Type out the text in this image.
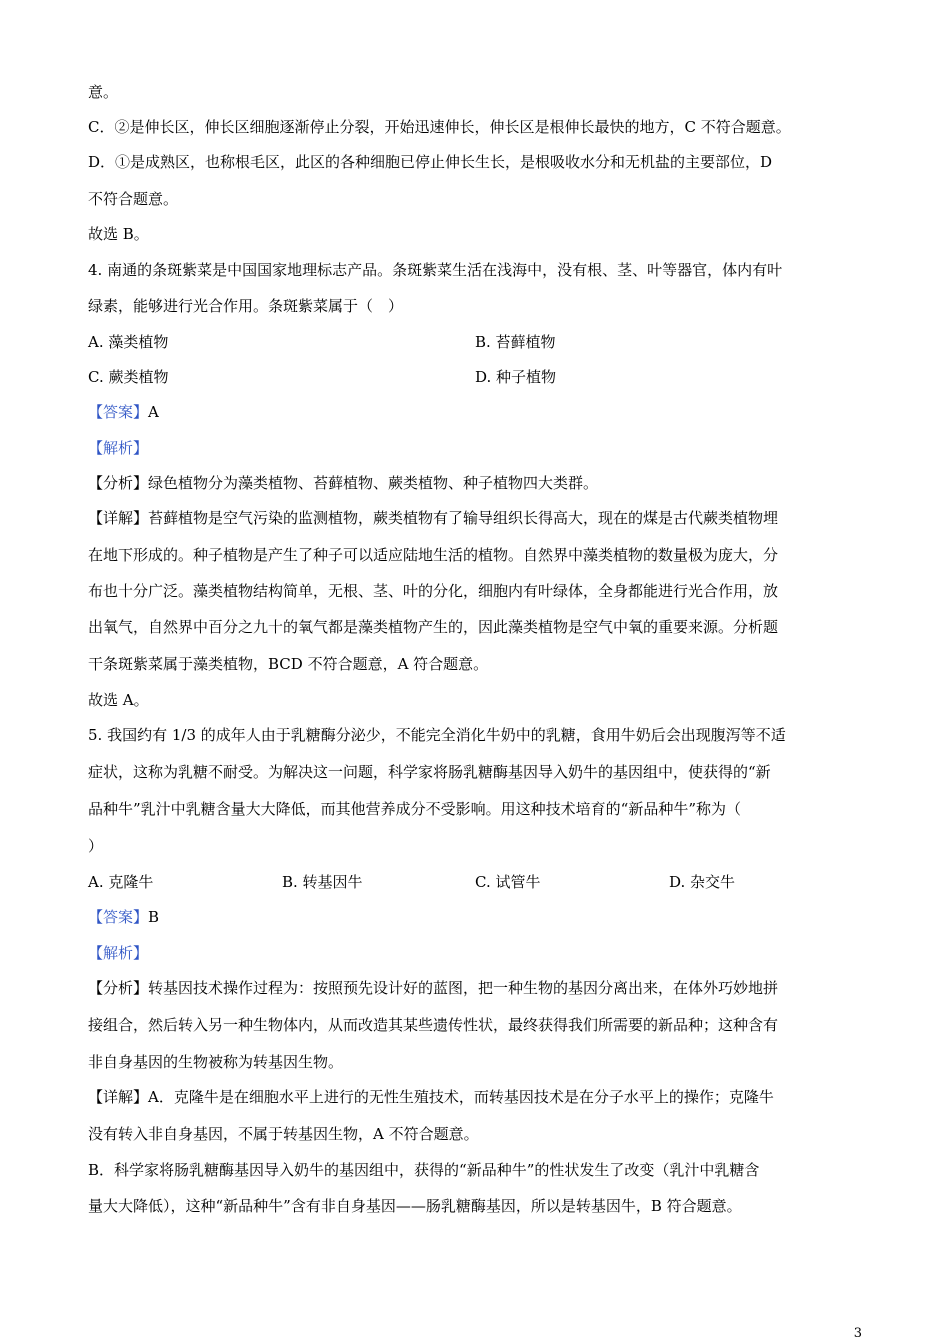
意。
C．②是伸长区，伸长区细胞逐渐停止分裂，开始迅速伸长，伸长区是根伸长最快的地方，C 不符合题意。
D．①是成熟区，也称根毛区，此区的各种细胞已停止伸长生长，是根吸收水分和无机盐的主要部位，D
不符合题意。
故选 B。
4. 南通的条斑紫菜是中国国家地理标志产品。条斑紫菜生活在浅海中，没有根、茎、叶等器官，体内有叶
绿素，能够进行光合作用。条斑紫菜属于（　）
A. 藻类植物	B. 苔藓植物
C. 蕨类植物	D. 种子植物
【答案】A
【解析】
【分析】绿色植物分为藻类植物、苔藓植物、蕨类植物、种子植物四大类群。
【详解】苔藓植物是空气污染的监测植物，蕨类植物有了输导组织长得高大，现在的煤是古代蕨类植物埋
在地下形成的。种子植物是产生了种子可以适应陆地生活的植物。自然界中藻类植物的数量极为庞大，分
布也十分广泛。藻类植物结构简单，无根、茎、叶的分化，细胞内有叶绿体，全身都能进行光合作用，放
出氧气，自然界中百分之九十的氧气都是藻类植物产生的，因此藻类植物是空气中氧的重要来源。分析题
干条斑紫菜属于藻类植物，BCD 不符合题意，A 符合题意。
故选 A。
5. 我国约有 1/3 的成年人由于乳糖酶分泌少，不能完全消化牛奶中的乳糖，食用牛奶后会出现腹泻等不适
症状，这称为乳糖不耐受。为解决这一问题，科学家将肠乳糖酶基因导入奶牛的基因组中，使获得的“新
品种牛”乳汁中乳糖含量大大降低，而其他营养成分不受影响。用这种技术培育的“新品种牛”称为（
）
A. 克隆牛	B. 转基因牛	C. 试管牛	D. 杂交牛
【答案】B
【解析】
【分析】转基因技术操作过程为：按照预先设计好的蓝图，把一种生物的基因分离出来，在体外巧妙地拼
接组合，然后转入另一种生物体内，从而改造其某些遗传性状，最终获得我们所需要的新品种；这种含有
非自身基因的生物被称为转基因生物。
【详解】A．克隆牛是在细胞水平上进行的无性生殖技术，而转基因技术是在分子水平上的操作；克隆牛
没有转入非自身基因，不属于转基因生物，A 不符合题意。
B．科学家将肠乳糖酶基因导入奶牛的基因组中，获得的“新品种牛”的性状发生了改变（乳汁中乳糖含
量大大降低），这种“新品种牛”含有非自身基因——肠乳糖酶基因，所以是转基因牛，B 符合题意。
3
